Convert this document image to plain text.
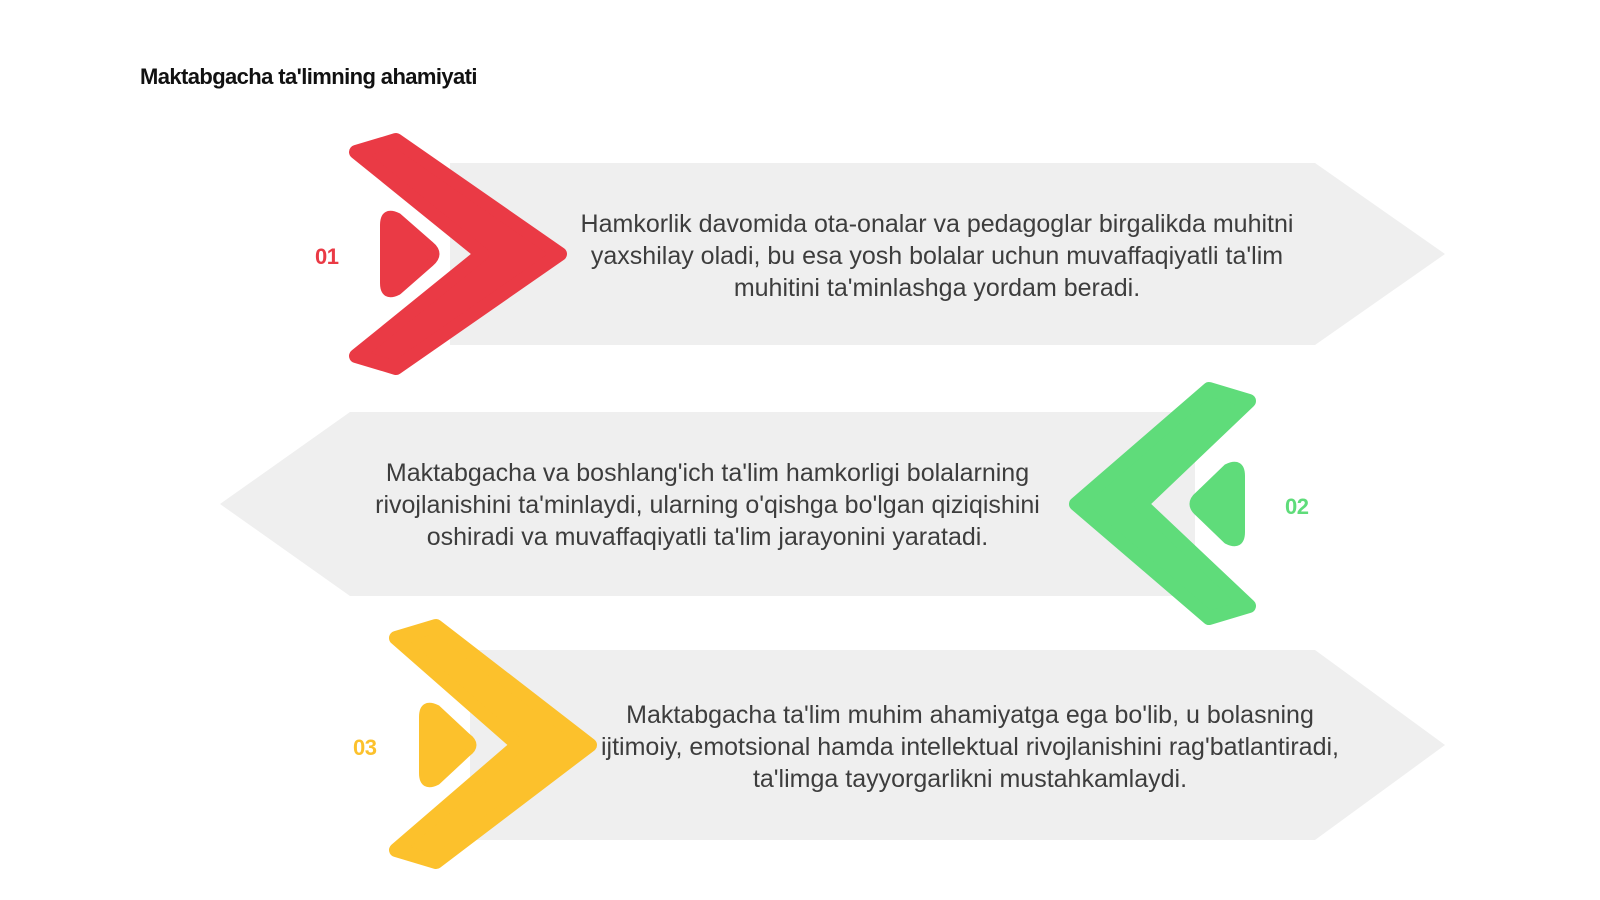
Maktabgacha ta'limning ahamiyati
01
02
03
Hamkorlik davomida ota-onalar va pedagoglar birgalikda muhitni yaxshilay oladi, bu esa yosh bolalar uchun muvaffaqiyatli ta'lim muhitini ta'minlashga yordam beradi.
Maktabgacha va boshlang'ich ta'lim hamkorligi bolalarning rivojlanishini ta'minlaydi, ularning o'qishga bo'lgan qiziqishini oshiradi va muvaffaqiyatli ta'lim jarayonini yaratadi.
Maktabgacha ta'lim muhim ahamiyatga ega bo'lib, u bolasning ijtimoiy, emotsional hamda intellektual rivojlanishini rag'batlantiradi, ta'limga tayyorgarlikni mustahkamlaydi.
